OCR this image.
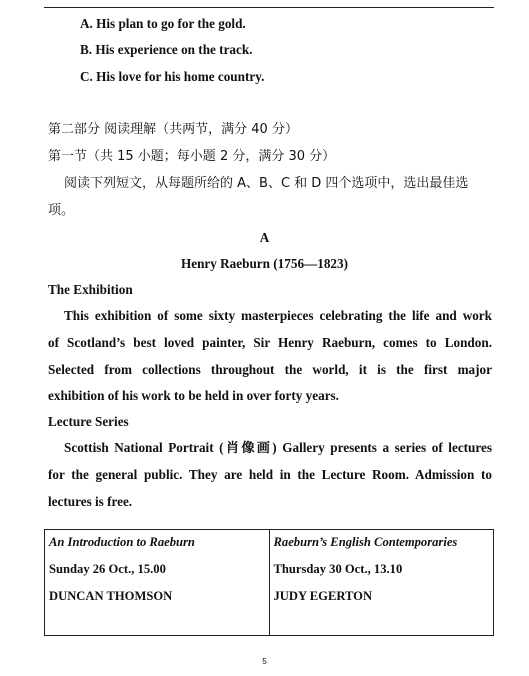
A. His plan to go for the gold.
B. His experience on the track.
C. His love for his home country.
第二部分 阅读理解（共两节，满分 40 分）
第一节（共 15 小题；每小题 2 分，满分 30 分）
阅读下列短文，从每题所给的 A、B、C 和 D 四个选项中，选出最佳选
项。
A
Henry Raeburn (1756—1823)
The Exhibition
This exhibition of some sixty masterpieces celebrating the life and work
of Scotland’s best loved painter, Sir Henry Raeburn, comes to London.
Selected from collections throughout the world, it is the first major
exhibition of his work to be held in over forty years.
Lecture Series
Scottish National Portrait (肖像画) Gallery presents a series of lectures
for the general public. They are held in the Lecture Room. Admission to
lectures is free.
An Introduction to Raeburn
Sunday 26 Oct., 15.00
DUNCAN THOMSON

Raeburn’s English Contemporaries
Thursday 30 Oct., 13.10
JUDY EGERTON
5
